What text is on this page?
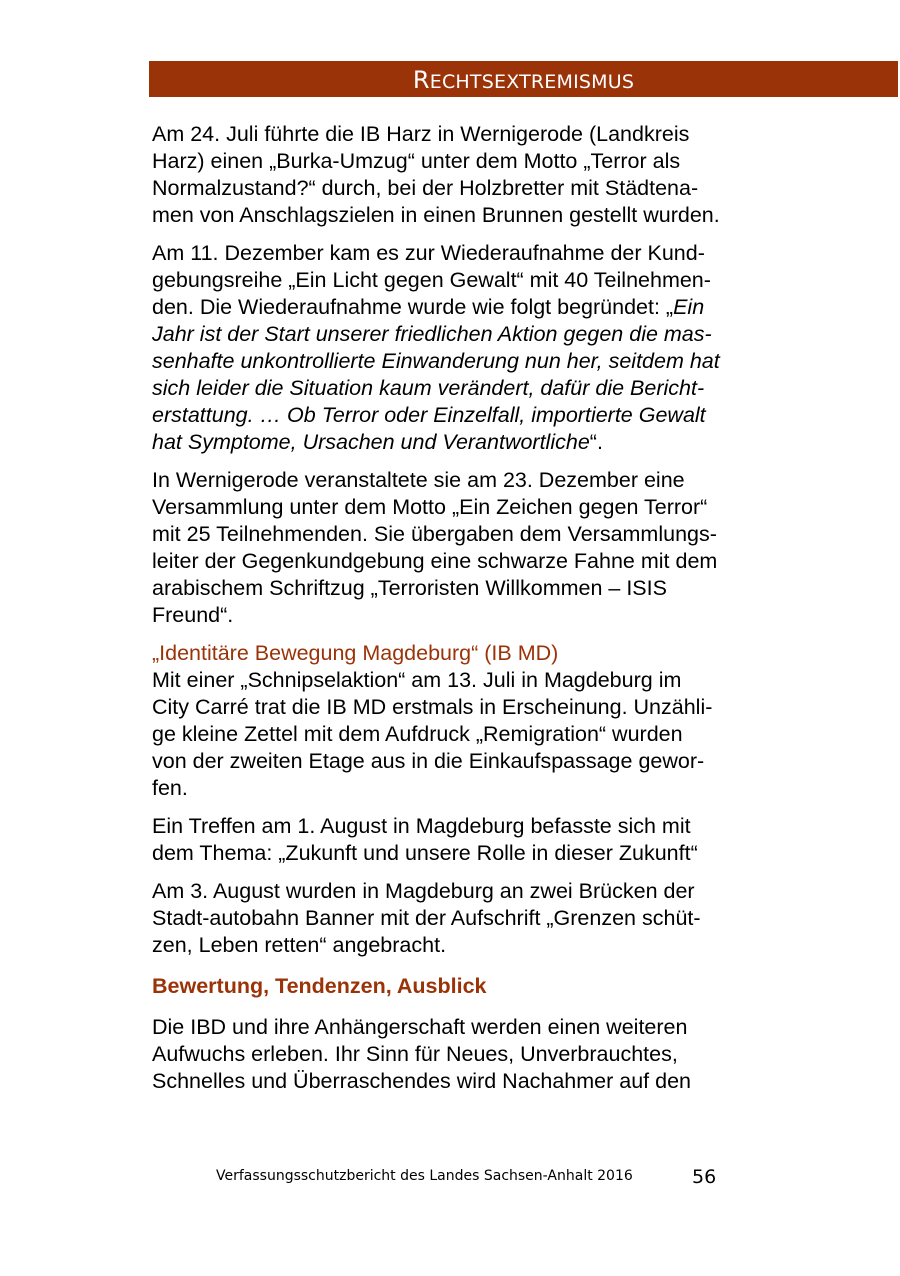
RECHTSEXTREMISMUS

Am 24. Juli führte die IB Harz in Wernigerode (Landkreis
Harz) einen „Burka-Umzug“ unter dem Motto „Terror als
Normalzustand?“ durch, bei der Holzbretter mit Städtena-
men von Anschlagszielen in einen Brunnen gestellt wurden.

Am 11. Dezember kam es zur Wiederaufnahme der Kund-
gebungsreihe „Ein Licht gegen Gewalt“ mit 40 Teilnehmen-
den. Die Wiederaufnahme wurde wie folgt begründet: „Ein
Jahr ist der Start unserer friedlichen Aktion gegen die mas-
senhafte unkontrollierte Einwanderung nun her, seitdem hat
sich leider die Situation kaum verändert, dafür die Bericht-
erstattung. … Ob Terror oder Einzelfall, importierte Gewalt
hat Symptome, Ursachen und Verantwortliche“.

In Wernigerode veranstaltete sie am 23. Dezember eine
Versammlung unter dem Motto „Ein Zeichen gegen Terror“
mit 25 Teilnehmenden. Sie übergaben dem Versammlungs-
leiter der Gegenkundgebung eine schwarze Fahne mit dem
arabischem Schriftzug „Terroristen Willkommen – ISIS
Freund“.

„Identitäre Bewegung Magdeburg“ (IB MD)
Mit einer „Schnipselaktion“ am 13. Juli in Magdeburg im
City Carré trat die IB MD erstmals in Erscheinung. Unzähli-
ge kleine Zettel mit dem Aufdruck „Remigration“ wurden
von der zweiten Etage aus in die Einkaufspassage gewor-
fen.

Ein Treffen am 1. August in Magdeburg befasste sich mit
dem Thema: „Zukunft und unsere Rolle in dieser Zukunft“

Am 3. August wurden in Magdeburg an zwei Brücken der
Stadt-autobahn Banner mit der Aufschrift „Grenzen schüt-
zen, Leben retten“ angebracht.

Bewertung, Tendenzen, Ausblick

Die IBD und ihre Anhängerschaft werden einen weiteren
Aufwuchs erleben. Ihr Sinn für Neues, Unverbrauchtes,
Schnelles und Überraschendes wird Nachahmer auf den

Verfassungsschutzbericht des Landes Sachsen-Anhalt 2016	56
